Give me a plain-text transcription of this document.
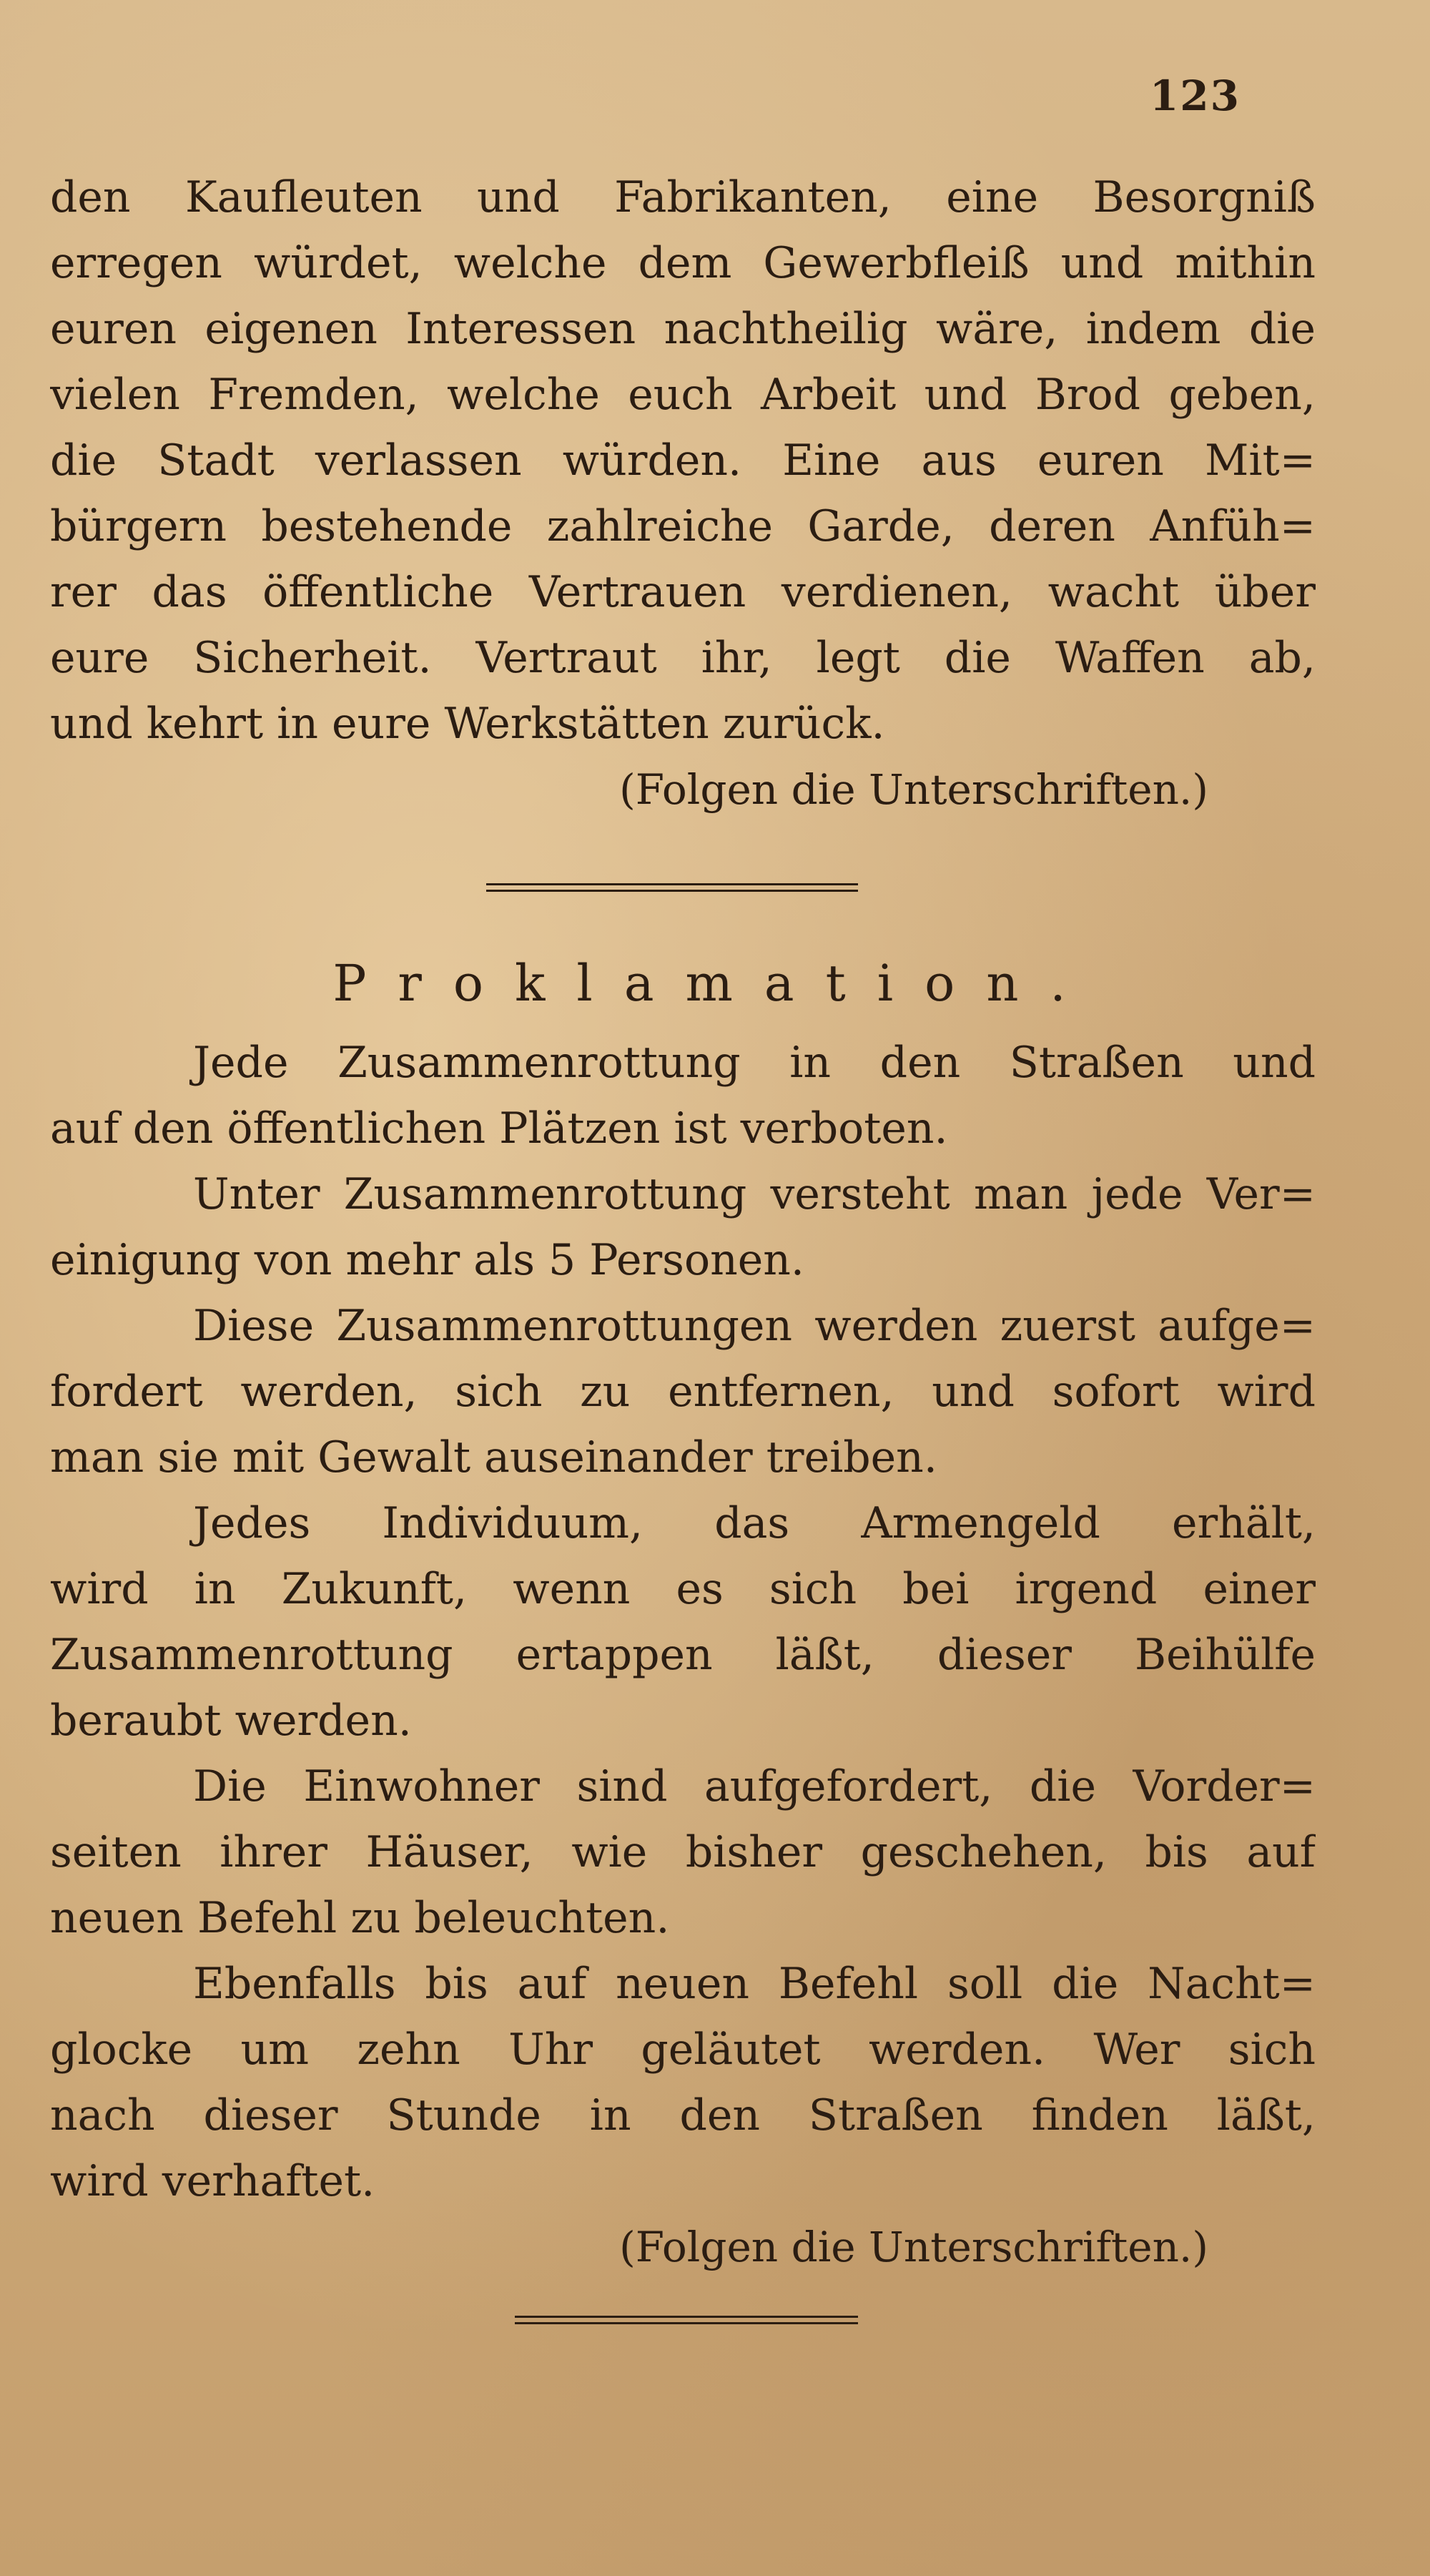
123
den Kaufleuten und Fabrikanten, eine Besorgniß
erregen würdet, welche dem Gewerbfleiß und mithin
euren eigenen Interessen nachtheilig wäre, indem die
vielen Fremden, welche euch Arbeit und Brod geben,
die Stadt verlassen würden. Eine aus euren Mit=
bürgern bestehende zahlreiche Garde, deren Anfüh=
rer das öffentliche Vertrauen verdienen, wacht über
eure Sicherheit. Vertraut ihr, legt die Waffen ab,
und kehrt in eure Werkstätten zurück.
(Folgen die Unterschriften.)
Proklamation.
Jede Zusammenrottung in den Straßen und
auf den öffentlichen Plätzen ist verboten.
Unter Zusammenrottung versteht man jede Ver=
einigung von mehr als 5 Personen.
Diese Zusammenrottungen werden zuerst aufge=
fordert werden, sich zu entfernen, und sofort wird
man sie mit Gewalt auseinander treiben.
Jedes Individuum, das Armengeld erhält,
wird in Zukunft, wenn es sich bei irgend einer
Zusammenrottung ertappen läßt, dieser Beihülfe
beraubt werden.
Die Einwohner sind aufgefordert, die Vorder=
seiten ihrer Häuser, wie bisher geschehen, bis auf
neuen Befehl zu beleuchten.
Ebenfalls bis auf neuen Befehl soll die Nacht=
glocke um zehn Uhr geläutet werden. Wer sich
nach dieser Stunde in den Straßen finden läßt,
wird verhaftet.
(Folgen die Unterschriften.)
